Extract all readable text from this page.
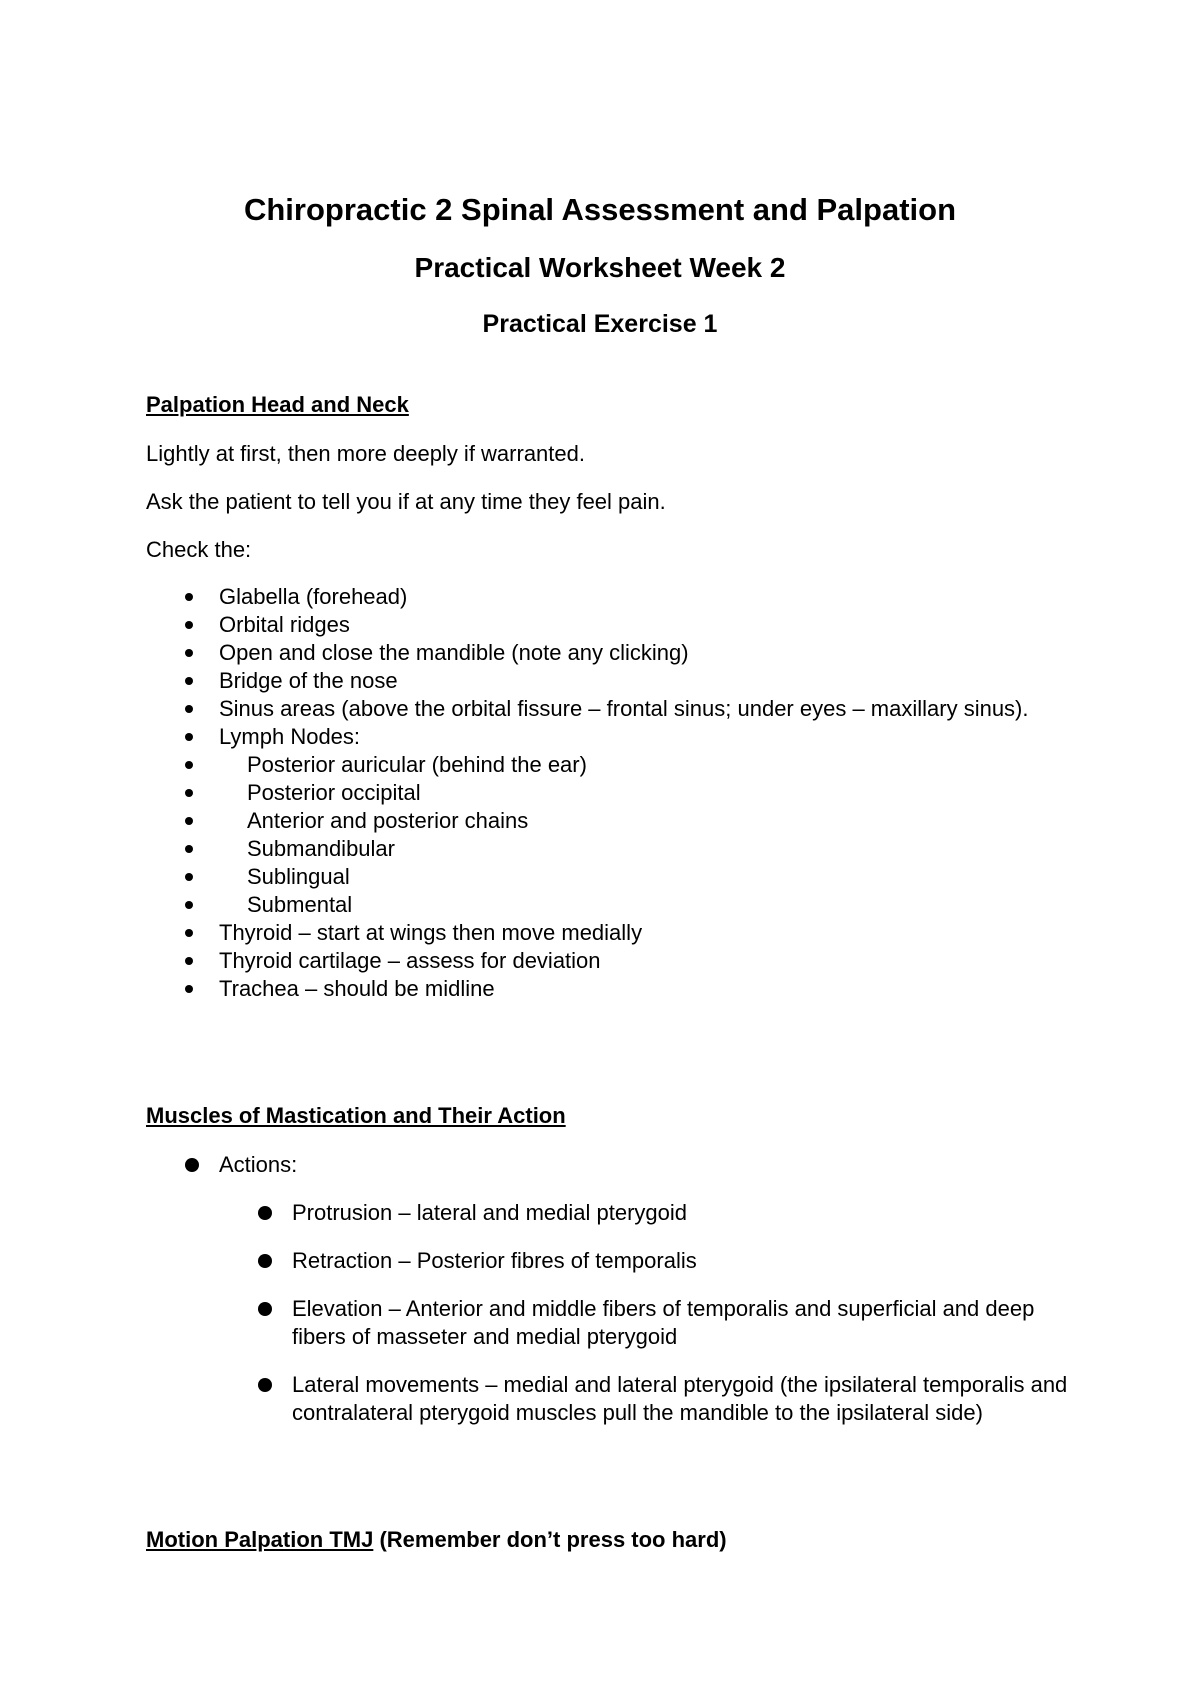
Chiropractic 2 Spinal Assessment and Palpation
Practical Worksheet Week 2
Practical Exercise 1
Palpation Head and Neck
Lightly at first, then more deeply if warranted.
Ask the patient to tell you if at any time they feel pain.
Check the:
Glabella (forehead)
Orbital ridges
Open and close the mandible (note any clicking)
Bridge of the nose
Sinus areas (above the orbital fissure – frontal sinus; under eyes – maxillary sinus).
Lymph Nodes:
Posterior auricular (behind the ear)
Posterior occipital
Anterior and posterior chains
Submandibular
Sublingual
Submental
Thyroid – start at wings then move medially
Thyroid cartilage – assess for deviation
Trachea – should be midline
Muscles of Mastication and Their Action
Actions:
Protrusion – lateral and medial pterygoid
Retraction – Posterior fibres of temporalis
Elevation – Anterior and middle fibers of temporalis and superficial and deep fibers of masseter and medial pterygoid
Lateral movements – medial and lateral pterygoid (the ipsilateral temporalis and contralateral pterygoid muscles pull the mandible to the ipsilateral side)
Motion Palpation TMJ (Remember don’t press too hard)
